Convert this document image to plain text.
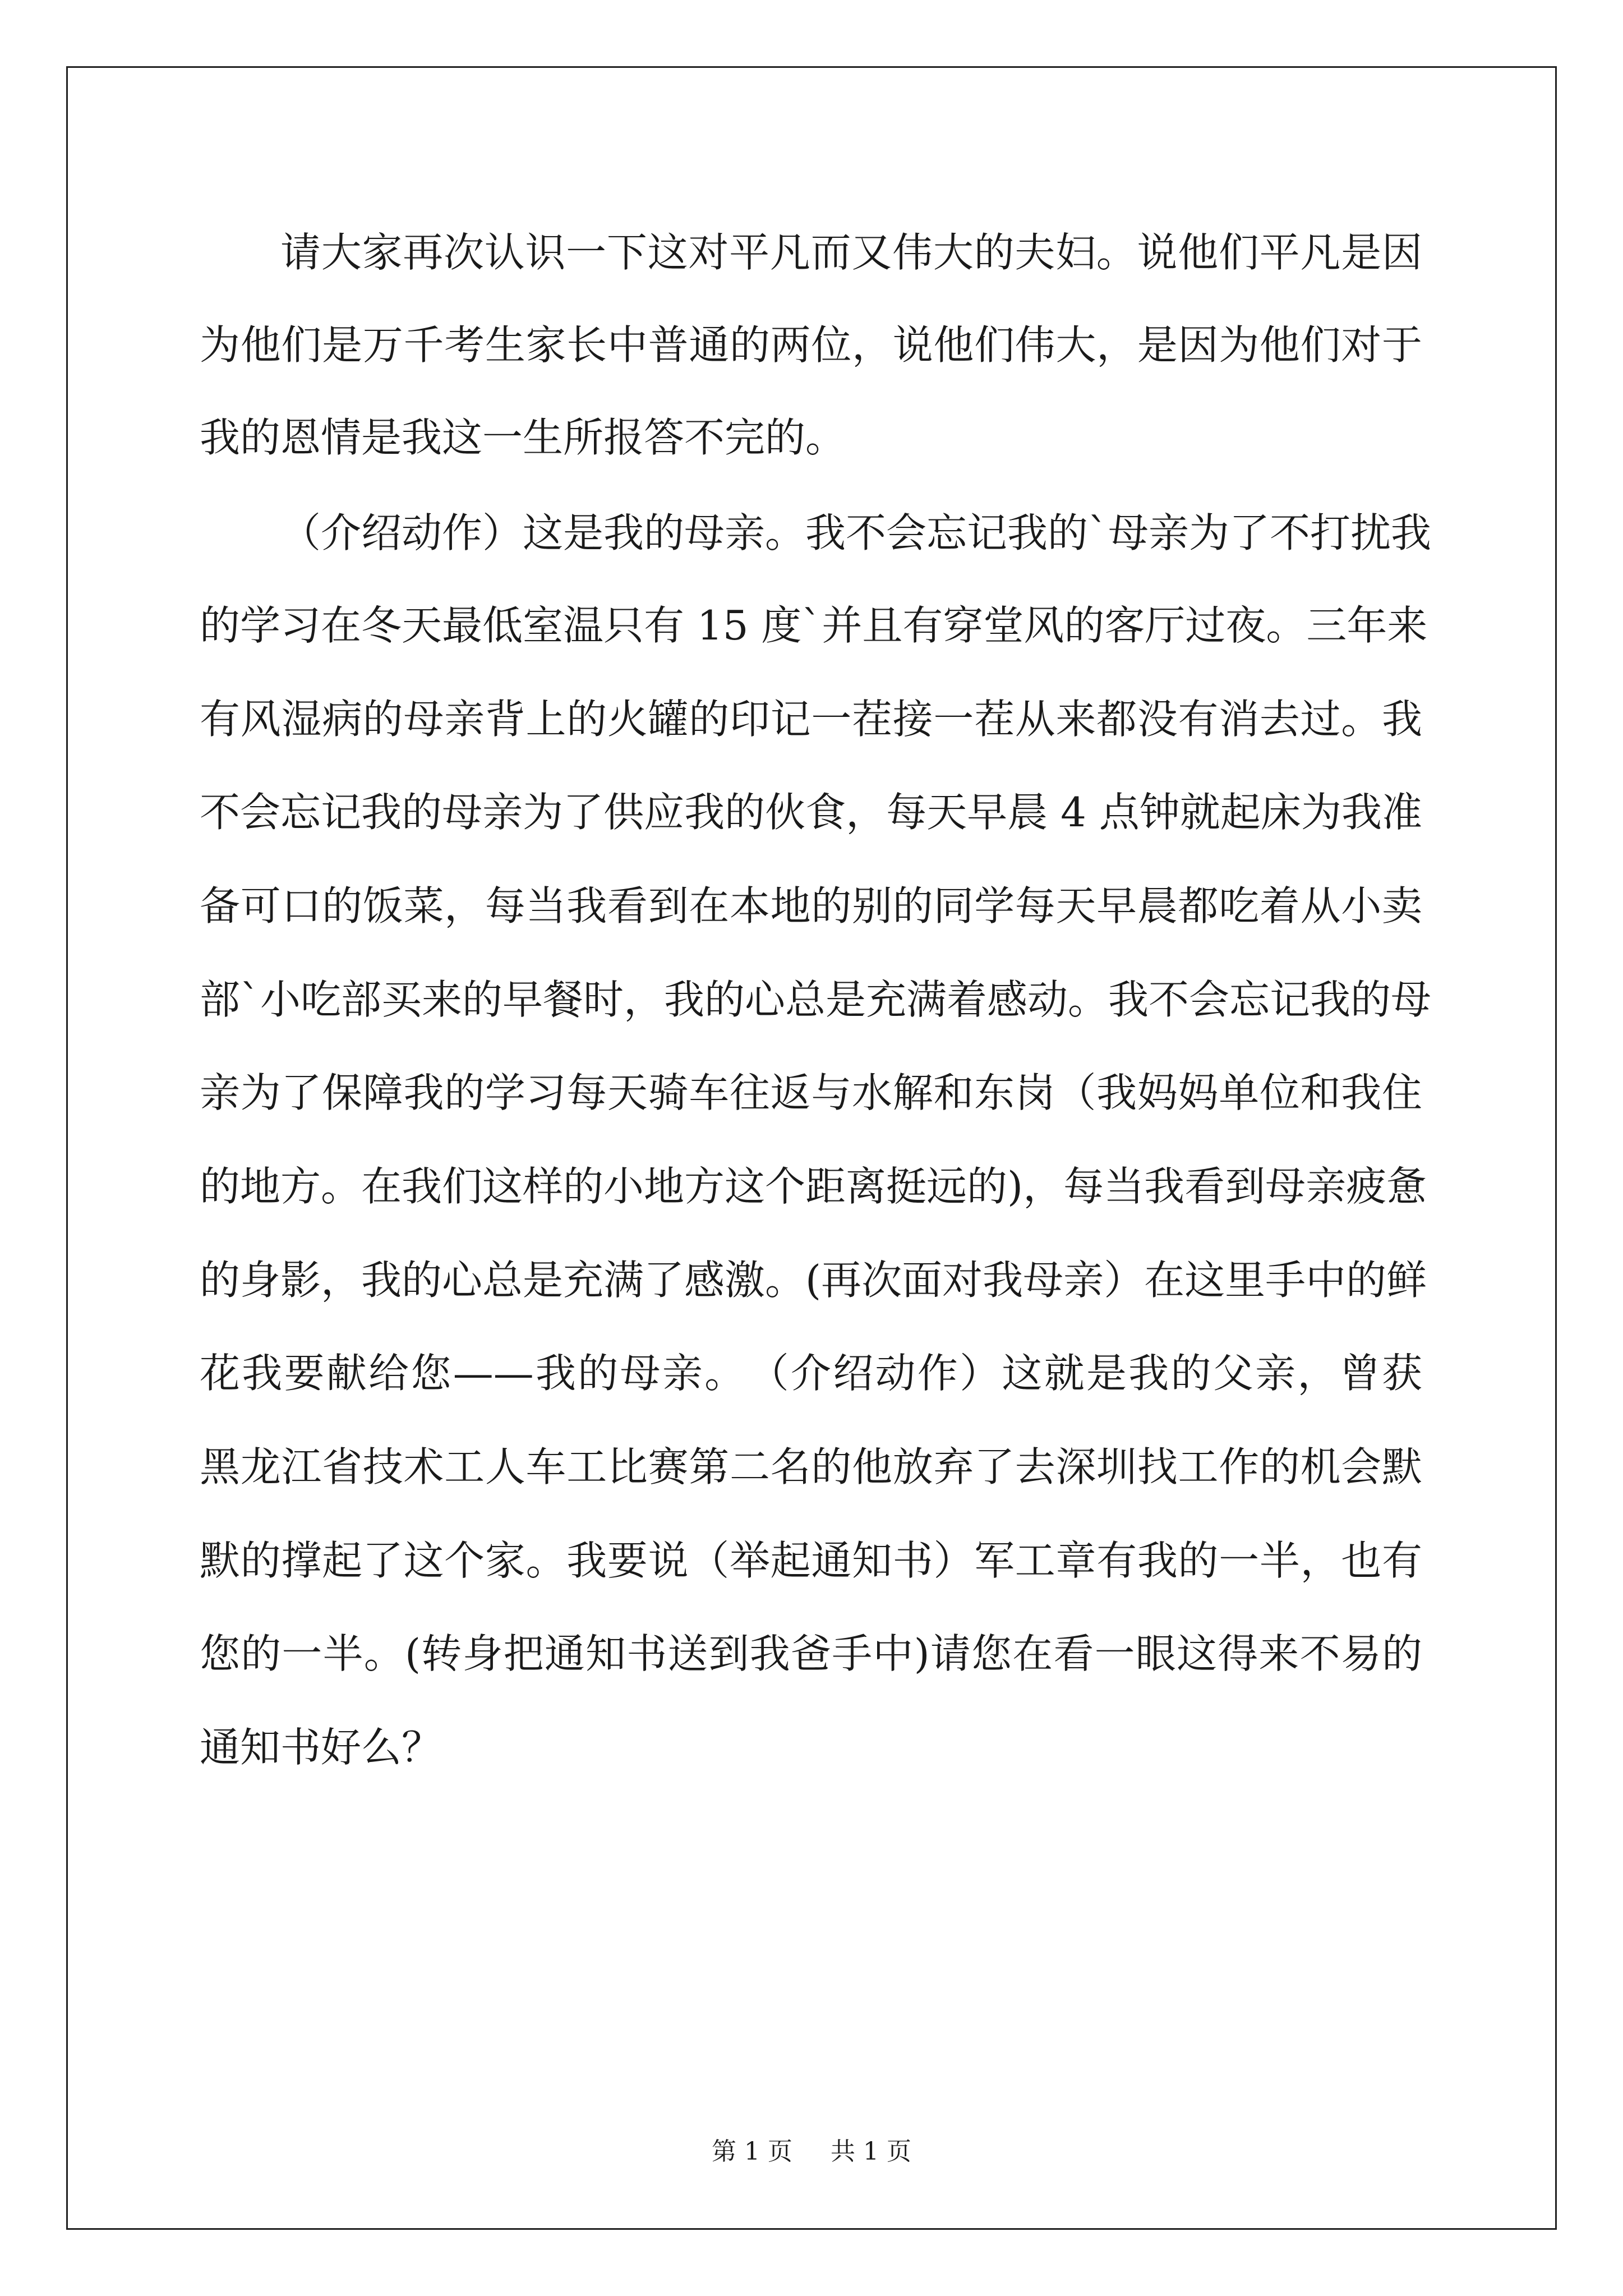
请大家再次认识一下这对平凡而又伟大的夫妇。说他们平凡是因
为他们是万千考生家长中普通的两位，说他们伟大，是因为他们对于
我的恩情是我这一生所报答不完的。
（介绍动作）这是我的母亲。我不会忘记我的`母亲为了不打扰我
的学习在冬天最低室温只有 15 度`并且有穿堂风的客厅过夜。三年来
有风湿病的母亲背上的火罐的印记一茬接一茬从来都没有消去过。我
不会忘记我的母亲为了供应我的伙食，每天早晨 4 点钟就起床为我准
备可口的饭菜，每当我看到在本地的别的同学每天早晨都吃着从小卖
部`小吃部买来的早餐时，我的心总是充满着感动。我不会忘记我的母
亲为了保障我的学习每天骑车往返与水解和东岗（我妈妈单位和我住
的地方。在我们这样的小地方这个距离挺远的)，每当我看到母亲疲惫
的身影，我的心总是充满了感激。(再次面对我母亲）在这里手中的鲜
花我要献给您——我的母亲。　（介绍动作）这就是我的父亲，曾获
黑龙江省技术工人车工比赛第二名的他放弃了去深圳找工作的机会默
默的撑起了这个家。我要说（举起通知书）军工章有我的一半，也有
您的一半。(转身把通知书送到我爸手中)请您在看一眼这得来不易的
通知书好么？
第 1 页 共 1 页
